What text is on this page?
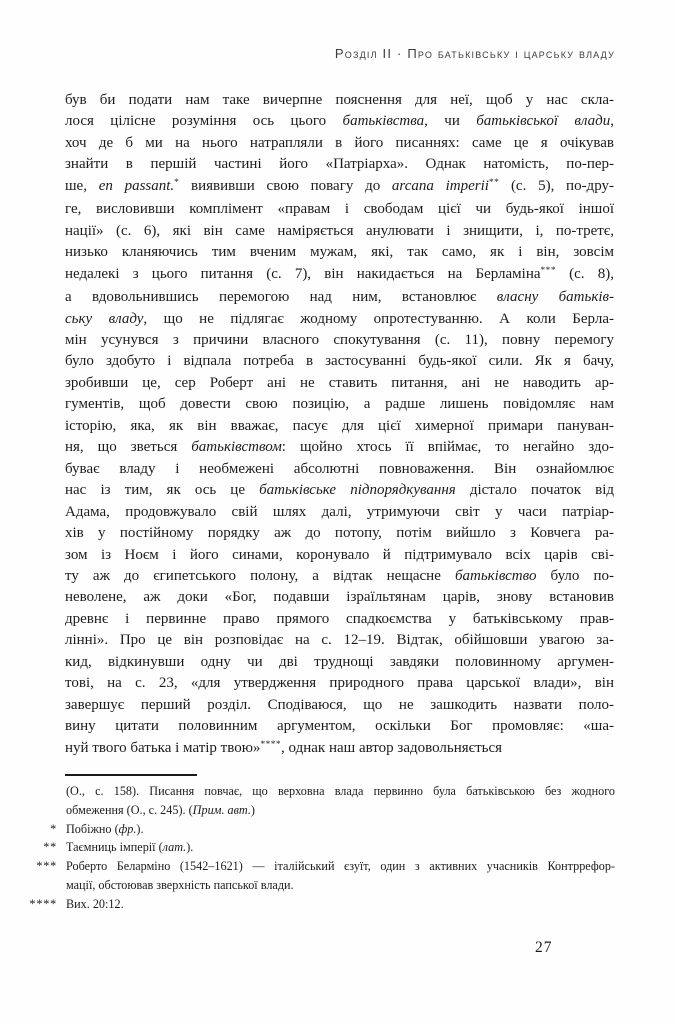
Розділ II · Про батьківську і царську владу
був би подати нам таке вичерпне пояснення для неї, щоб у нас скла-
лося цілісне розуміння ось цього батьківства, чи батьківської влади,
хоч де б ми на нього натрапляли в його писаннях: саме це я очікував
знайти в першій частині його «Патріарха». Однак натомість, по-пер-
ше, en passant.* виявивши свою повагу до arcana imperii** (с. 5), по-дру-
ге, висловивши комплімент «правам і свободам цієї чи будь-якої іншої
нації» (с. 6), які він саме наміряється анулювати і знищити, і, по-третє,
низько кланяючись тим вченим мужам, які, так само, як і він, зовсім
недалекі з цього питання (с. 7), він накидається на Берламіна*** (с. 8),
а вдовольнившись перемогою над ним, встановлює власну батьків-
ську владу, що не підлягає жодному опротестуванню. А коли Берла-
мін усунувся з причини власного спокутування (с. 11), повну перемогу
було здобуто і відпала потреба в застосуванні будь-якої сили. Як я бачу,
зробивши це, сер Роберт ані не ставить питання, ані не наводить ар-
гументів, щоб довести свою позицію, а радше лишень повідомляє нам
історію, яка, як він вважає, пасує для цієї химерної примари пануван-
ня, що зветься батьківством: щойно хтось її впіймає, то негайно здо-
буває владу і необмежені абсолютні повноваження. Він ознайомлює
нас із тим, як ось це батьківське підпорядкування дістало початок від
Адама, продовжувало свій шлях далі, утримуючи світ у часи патріар-
хів у постійному порядку аж до потопу, потім вийшло з Ковчега ра-
зом із Ноєм і його синами, коронувало й підтримувало всіх царів сві-
ту аж до єгипетського полону, а відтак нещасне батьківство було по-
неволене, аж доки «Бог, подавши ізраїльтянам царів, знову встановив
древнє і первинне право прямого спадкоємства у батьківському прав-
лінні». Про це він розповідає на с. 12–19. Відтак, обійшовши увагою за-
кид, відкинувши одну чи дві труднощі завдяки половинному аргумен-
тові, на с. 23, «для утвердження природного права царської влади», він
завершує перший розділ. Сподіваюся, що не зашкодить назвати поло-
вину цитати половинним аргументом, оскільки Бог промовляє: «ша-
нуй твого батька і матір твою»****, однак наш автор задовольняється
(О., с. 158). Писання повчає, що верховна влада первинно була батьківською без жодного
обмеження (О., с. 245). (Прим. авт.)
* Побіжно (фр.).
** Таємниць імперії (лат.).
*** Роберто Беларміно (1542–1621) — італійський єзуїт, один з активних учасників Контррефор-
мації, обстоював зверхність папської влади.
**** Вих. 20:12.
27
